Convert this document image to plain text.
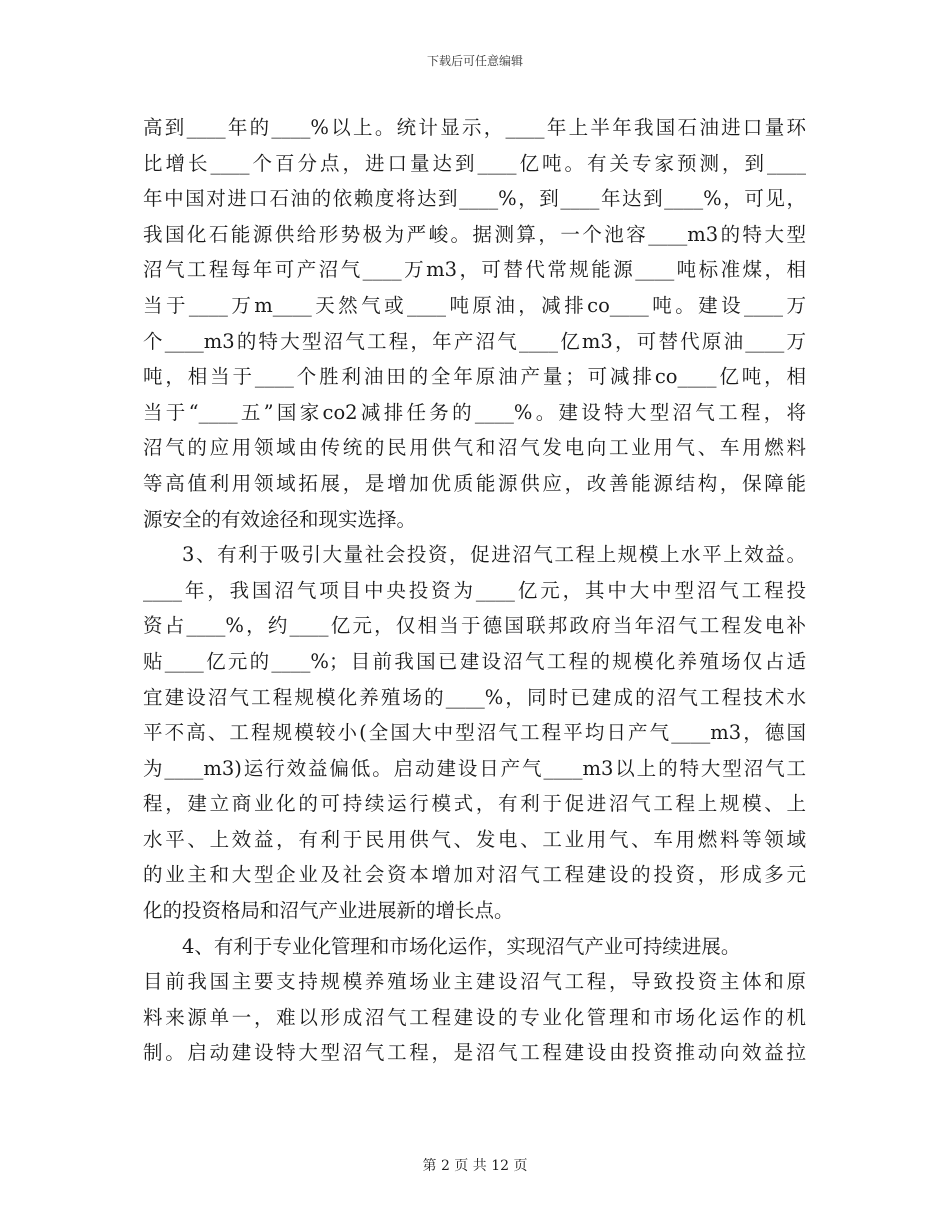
下载后可任意编辑
高到____年的____%以上。统计显示，____年上半年我国石油进口量环
比增长____个百分点，进口量达到____亿吨。有关专家预测，到____
年中国对进口石油的依赖度将达到____%，到____年达到____%，可见，
我国化石能源供给形势极为严峻。据测算，一个池容____m3的特大型
沼气工程每年可产沼气____万m3，可替代常规能源____吨标准煤，相
当于____万m____天然气或____吨原油，减排co____吨。建设____万
个____m3的特大型沼气工程，年产沼气____亿m3，可替代原油____万
吨，相当于____个胜利油田的全年原油产量；可减排co____亿吨，相
当于“____五”国家co2减排任务的____%。建设特大型沼气工程，将
沼气的应用领域由传统的民用供气和沼气发电向工业用气、车用燃料
等高值利用领域拓展，是增加优质能源供应，改善能源结构，保障能
源安全的有效途径和现实选择。
3、有利于吸引大量社会投资，促进沼气工程上规模上水平上效益。
____年，我国沼气项目中央投资为____亿元，其中大中型沼气工程投
资占____%，约____亿元，仅相当于德国联邦政府当年沼气工程发电补
贴____亿元的____%；目前我国已建设沼气工程的规模化养殖场仅占适
宜建设沼气工程规模化养殖场的____%，同时已建成的沼气工程技术水
平不高、工程规模较小(全国大中型沼气工程平均日产气____m3，德国
为____m3)运行效益偏低。启动建设日产气____m3以上的特大型沼气工
程，建立商业化的可持续运行模式，有利于促进沼气工程上规模、上
水平、上效益，有利于民用供气、发电、工业用气、车用燃料等领域
的业主和大型企业及社会资本增加对沼气工程建设的投资，形成多元
化的投资格局和沼气产业进展新的增长点。
4、有利于专业化管理和市场化运作，实现沼气产业可持续进展。
目前我国主要支持规模养殖场业主建设沼气工程，导致投资主体和原
料来源单一，难以形成沼气工程建设的专业化管理和市场化运作的机
制。启动建设特大型沼气工程，是沼气工程建设由投资推动向效益拉
第 2 页 共 12 页
